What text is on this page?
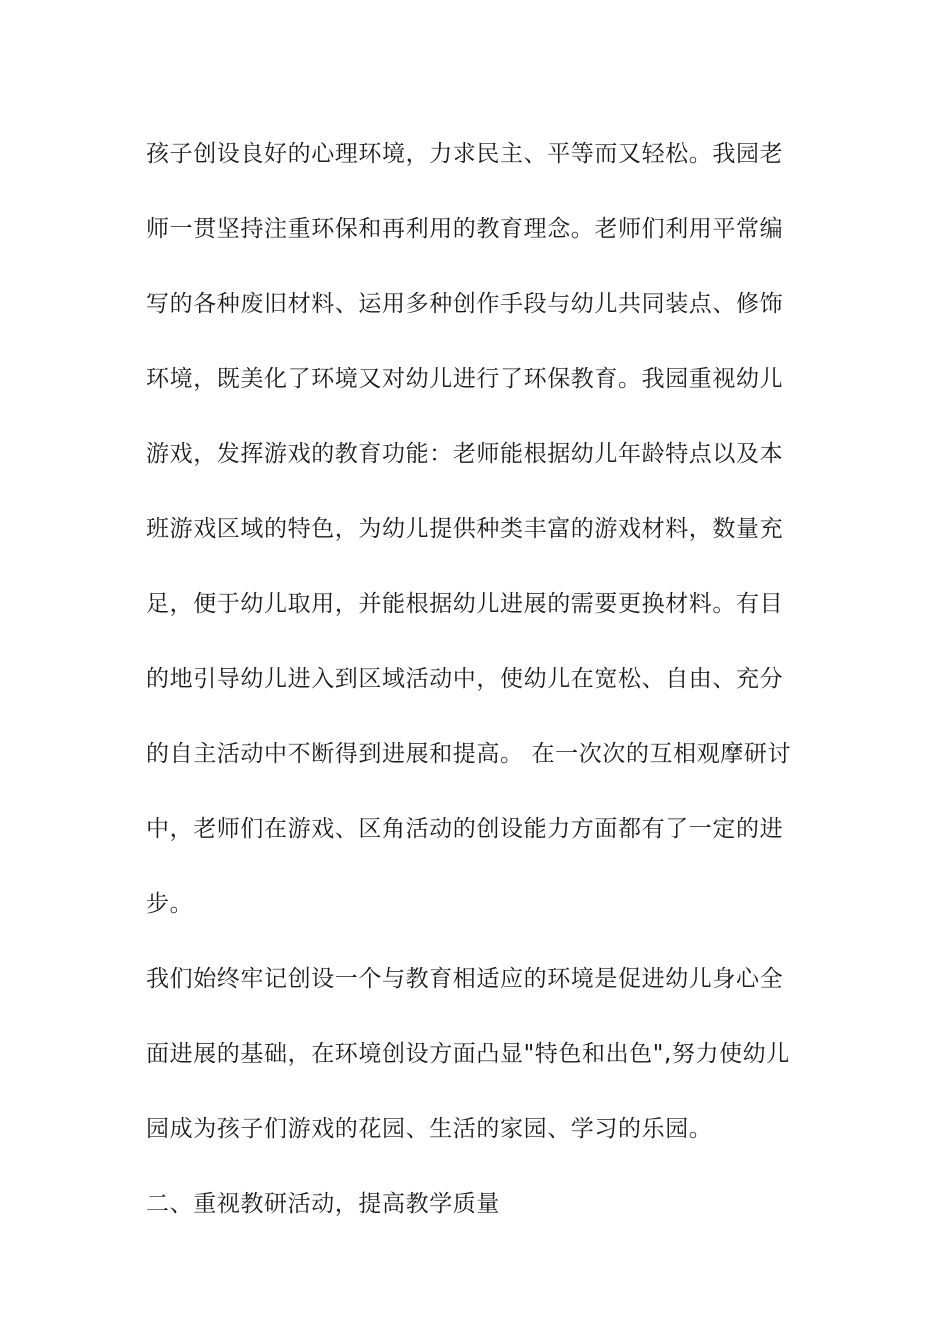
孩子创设良好的心理环境，力求民主、平等而又轻松。我园老
师一贯坚持注重环保和再利用的教育理念。老师们利用平常编
写的各种废旧材料、运用多种创作手段与幼儿共同装点、修饰
环境，既美化了环境又对幼儿进行了环保教育。我园重视幼儿
游戏，发挥游戏的教育功能：老师能根据幼儿年龄特点以及本
班游戏区域的特色，为幼儿提供种类丰富的游戏材料，数量充
足，便于幼儿取用，并能根据幼儿进展的需要更换材料。有目
的地引导幼儿进入到区域活动中，使幼儿在宽松、自由、充分
的自主活动中不断得到进展和提高。 在一次次的互相观摩研讨
中，老师们在游戏、区角活动的创设能力方面都有了一定的进
步。
我们始终牢记创设一个与教育相适应的环境是促进幼儿身心全
面进展的基础，在环境创设方面凸显"特色和出色",努力使幼儿
园成为孩子们游戏的花园、生活的家园、学习的乐园。
二、重视教研活动，提高教学质量
